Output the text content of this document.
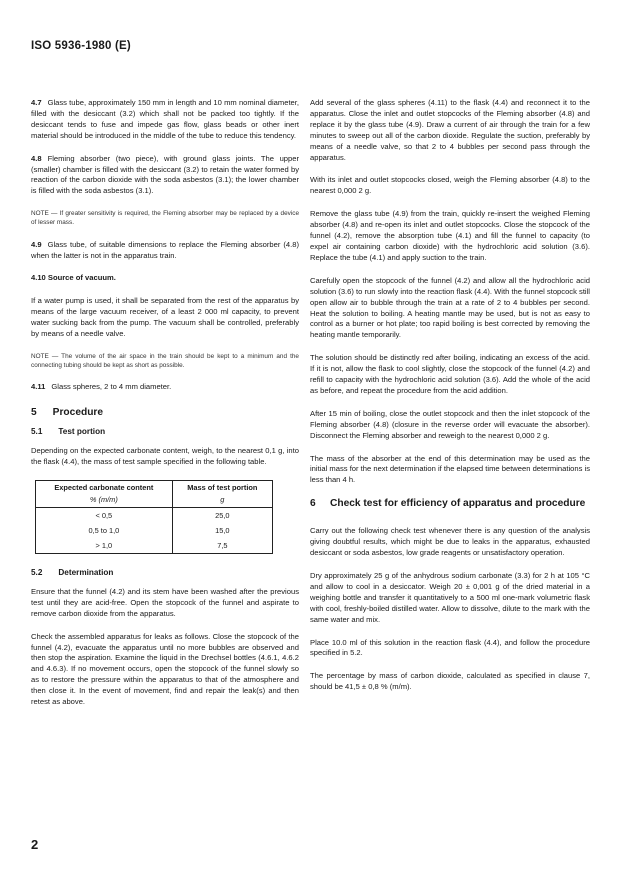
ISO 5936-1980 (E)

4.7 Glass tube, approximately 150 mm in length and 10 mm nominal diameter, filled with the desiccant (3.2) which shall not be packed too tightly. If the desiccant tends to fuse and impede gas flow, glass beads or other inert material should be introduced in the middle of the tube to reduce this tendency.

4.8 Fleming absorber (two piece), with ground glass joints. The upper (smaller) chamber is filled with the desiccant (3.2) to retain the water formed by reaction of the carbon dioxide with the soda asbestos (3.1); the lower chamber is filled with the soda asbestos (3.1).

NOTE — If greater sensitivity is required, the Fleming absorber may be replaced by a device of lesser mass.

4.9 Glass tube, of suitable dimensions to replace the Fleming absorber (4.8) when the latter is not in the apparatus train.

4.10 Source of vacuum.

If a water pump is used, it shall be separated from the rest of the apparatus by means of the large vacuum receiver, of a least 2 000 ml capacity, to prevent water sucking back from the pump. The vacuum shall be controlled, preferably by means of a needle valve.

NOTE — The volume of the air space in the train should be kept to a minimum and the connecting tubing should be kept as short as possible.

4.11 Glass spheres, 2 to 4 mm diameter.

5 Procedure
5.1 Test portion

Depending on the expected carbonate content, weigh, to the nearest 0,1 g, into the flask (4.4), the mass of test sample specified in the following table.

Expected carbonate content	Mass of test portion
% (m/m)	g
< 0,5	25,0
0,5 to 1,0	15,0
> 1,0	7,5
5.2 Determination

Ensure that the funnel (4.2) and its stem have been washed after the previous test until they are acid-free. Open the stopcock of the funnel and aspirate to remove carbon dioxide from the apparatus.

Check the assembled apparatus for leaks as follows. Close the stopcock of the funnel (4.2), evacuate the apparatus until no more bubbles are observed and then stop the aspiration. Examine the liquid in the Drechsel bottles (4.6.1, 4.6.2 and 4.6.3). If no movement occurs, open the stopcock of the funnel slowly so as to restore the pressure within the apparatus to that of the atmosphere and then close it. In the event of movement, find and repair the leak(s) and then retest as above.

Add several of the glass spheres (4.11) to the flask (4.4) and reconnect it to the apparatus. Close the inlet and outlet stopcocks of the Fleming absorber (4.8) and replace it by the glass tube (4.9). Draw a current of air through the train for a few minutes to sweep out all of the carbon dioxide. Regulate the suction, preferably by means of a needle valve, so that 2 to 4 bubbles per second pass through the apparatus.

With its inlet and outlet stopcocks closed, weigh the Fleming absorber (4.8) to the nearest 0,000 2 g.

Remove the glass tube (4.9) from the train, quickly re-insert the weighed Fleming absorber (4.8) and re-open its inlet and outlet stopcocks. Close the stopcock of the funnel (4.2), remove the absorption tube (4.1) and fill the funnel to capacity (to expel air containing carbon dioxide) with the hydrochloric acid solution (3.6). Replace the tube (4.1) and apply suction to the train.

Carefully open the stopcock of the funnel (4.2) and allow all the hydrochloric acid solution (3.6) to run slowly into the reaction flask (4.4). With the funnel stopcock still open allow air to bubble through the train at a rate of 2 to 4 bubbles per second. Heat the solution to boiling. A heating mantle may be used, but is not as easy to control as a burner or hot plate; too rapid boiling is best corrected by removing the heating mantle temporarily.

The solution should be distinctly red after boiling, indicating an excess of the acid. If it is not, allow the flask to cool slightly, close the stopcock of the funnel (4.2) and refill to capacity with the hydrochloric acid solution (3.6). Add the whole of the acid as before, and repeat the procedure from the acid addition.

After 15 min of boiling, close the outlet stopcock and then the inlet stopcock of the Fleming absorber (4.8) (closure in the reverse order will evacuate the absorber). Disconnect the Fleming absorber and reweigh to the nearest 0,000 2 g.

The mass of the absorber at the end of this determination may be used as the initial mass for the next determination if the elapsed time between determinations is less than 4 h.

6	Check test for efficiency of apparatus and procedure

Carry out the following check test whenever there is any question of the analysis giving doubtful results, which might be due to leaks in the apparatus, exhausted desiccant or soda asbestos, low grade reagents or unsatisfactory operation.

Dry approximately 25 g of the anhydrous sodium carbonate (3.3) for 2 h at 105 °C and allow to cool in a desiccator. Weigh 20 ± 0,001 g of the dried material in a weighing bottle and transfer it quantitatively to a 500 ml one-mark volumetric flask with cool, freshly-boiled distilled water. Allow to dissolve, dilute to the mark with the same water and mix.

Place 10.0 ml of this solution in the reaction flask (4.4), and follow the procedure specified in 5.2.

The percentage by mass of carbon dioxide, calculated as specified in clause 7, should be 41,5 ± 0,8 % (m/m).

2
